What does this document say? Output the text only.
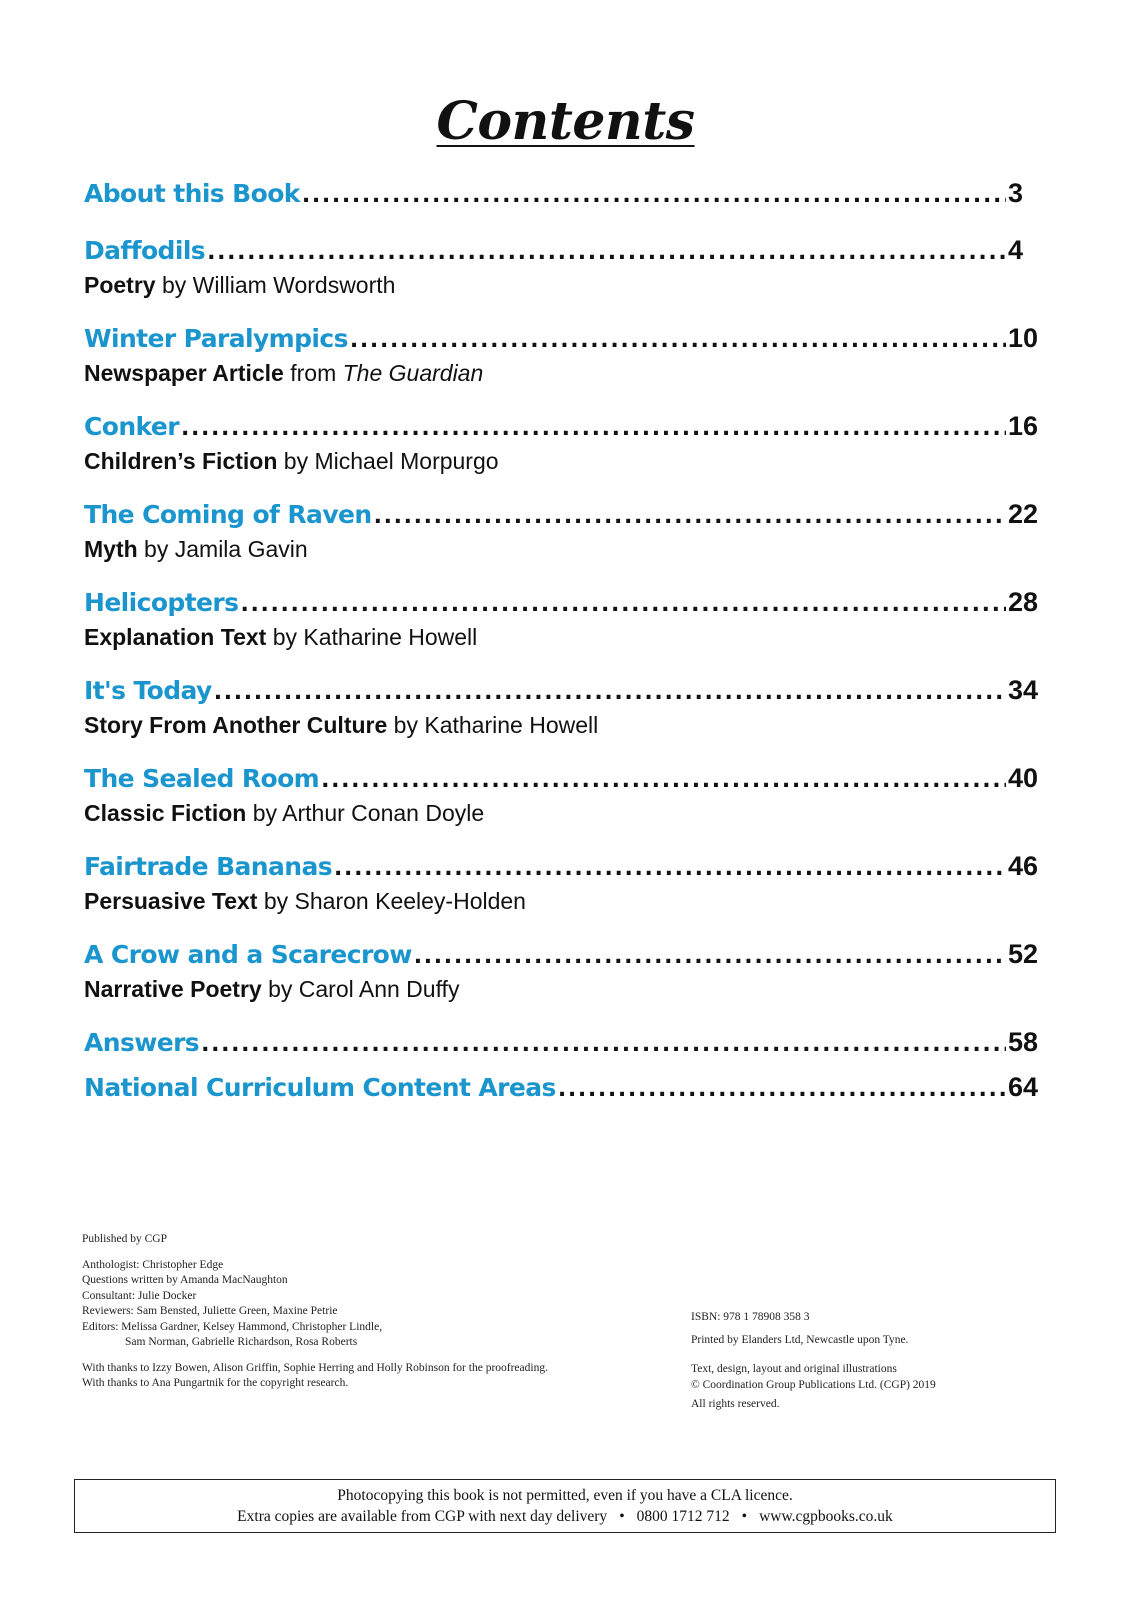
Contents
About this Book . . .	3
Daffodils . . .	4
Poetry by William Wordsworth
Winter Paralympics . . .	10
Newspaper Article from The Guardian
Conker . . .	16
Children’s Fiction by Michael Morpurgo
The Coming of Raven . . .	22
Myth by Jamila Gavin
Helicopters . . .	28
Explanation Text by Katharine Howell
It's Today . . .	34
Story From Another Culture by Katharine Howell
The Sealed Room . . .	40
Classic Fiction by Arthur Conan Doyle
Fairtrade Bananas . . .	46
Persuasive Text by Sharon Keeley-Holden
A Crow and a Scarecrow . . .	52
Narrative Poetry by Carol Ann Duffy
Answers . . .	58
National Curriculum Content Areas . . .	64

Published by CGP

Anthologist: Christopher Edge
Questions written by Amanda MacNaughton
Consultant: Julie Docker
Reviewers: Sam Bensted, Juliette Green, Maxine Petrie
Editors: Melissa Gardner, Kelsey Hammond, Christopher Lindle,
Sam Norman, Gabrielle Richardson, Rosa Roberts

With thanks to Izzy Bowen, Alison Griffin, Sophie Herring and Holly Robinson for the proofreading.
With thanks to Ana Pungartnik for the copyright research.

ISBN: 978 1 78908 358 3

Printed by Elanders Ltd, Newcastle upon Tyne.

Text, design, layout and original illustrations
© Coordination Group Publications Ltd. (CGP) 2019

All rights reserved.

Photocopying this book is not permitted, even if you have a CLA licence.
Extra copies are available from CGP with next day delivery • 0800 1712 712 • www.cgpbooks.co.uk
